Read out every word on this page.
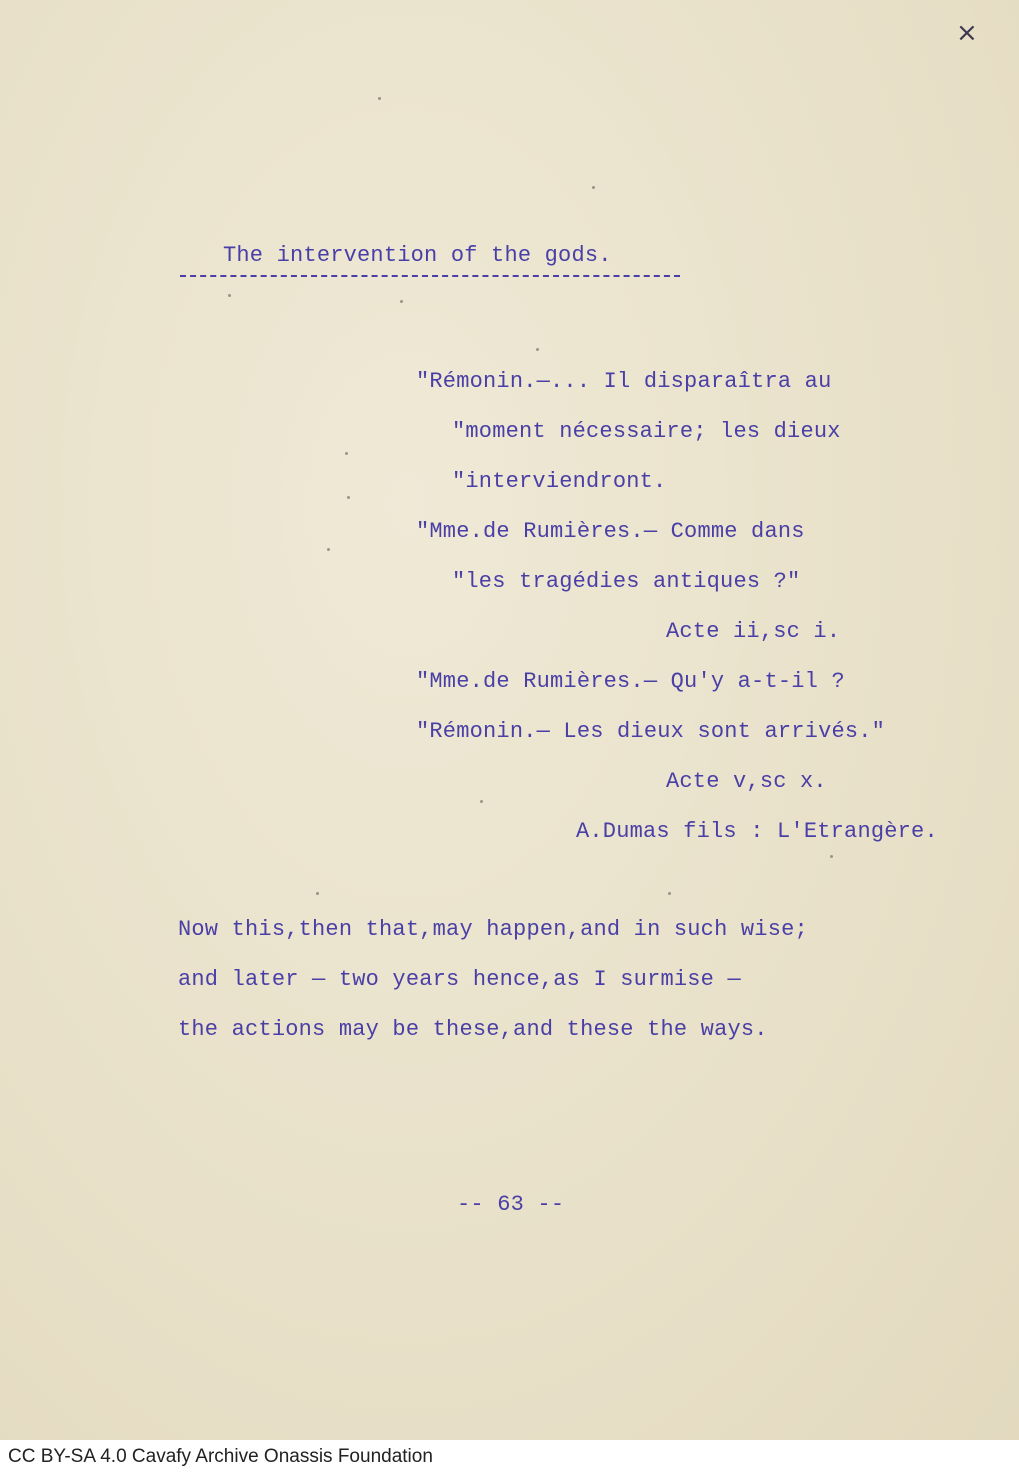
×
The intervention of the gods.
"Rémonin.—... Il disparaîtra au
"moment nécessaire; les dieux
"interviendront.
"Mme.de Rumières.— Comme dans
"les tragédies antiques ?"
Acte ii,sc i.
"Mme.de Rumières.— Qu'y a-t-il ?
"Rémonin.— Les dieux sont arrivés."
Acte v,sc x.
A.Dumas fils : L'Etrangère.
Now this,then that,may happen,and in such wise;
and later — two years hence,as I surmise —
the actions may be these,and these the ways.
-- 63 --
CC BY-SA 4.0 Cavafy Archive Onassis Foundation
